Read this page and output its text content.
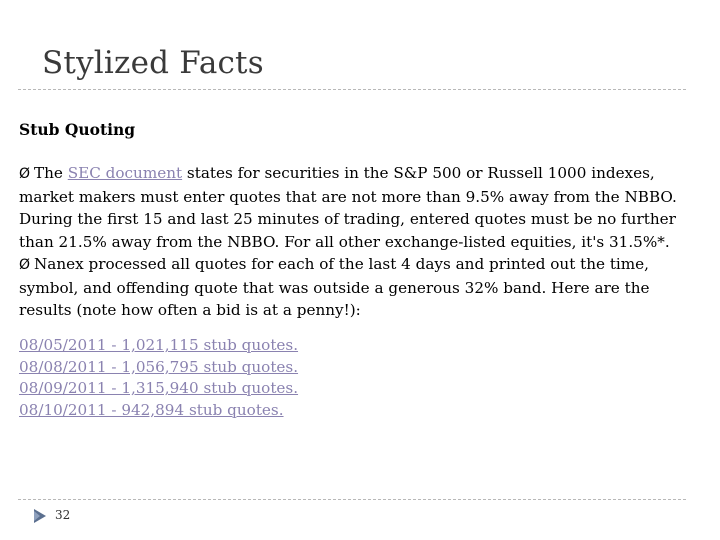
Stylized Facts
Stub Quoting

Ø The SEC document states for securities in the S&P 500 or Russell 1000 indexes, market makers must enter quotes that are not more than 9.5% away from the NBBO. During the first 15 and last 25 minutes of trading, entered quotes must be no further than 21.5% away from the NBBO. For all other exchange-listed equities, it's 31.5%*.

Ø Nanex processed all quotes for each of the last 4 days and printed out the time, symbol, and offending quote that was outside a generous 32% band. Here are the results (note how often a bid is at a penny!):

08/05/2011 - 1,021,115 stub quotes.
08/08/2011 - 1,056,795 stub quotes.
08/09/2011 - 1,315,940 stub quotes.
08/10/2011 - 942,894 stub quotes.
32
